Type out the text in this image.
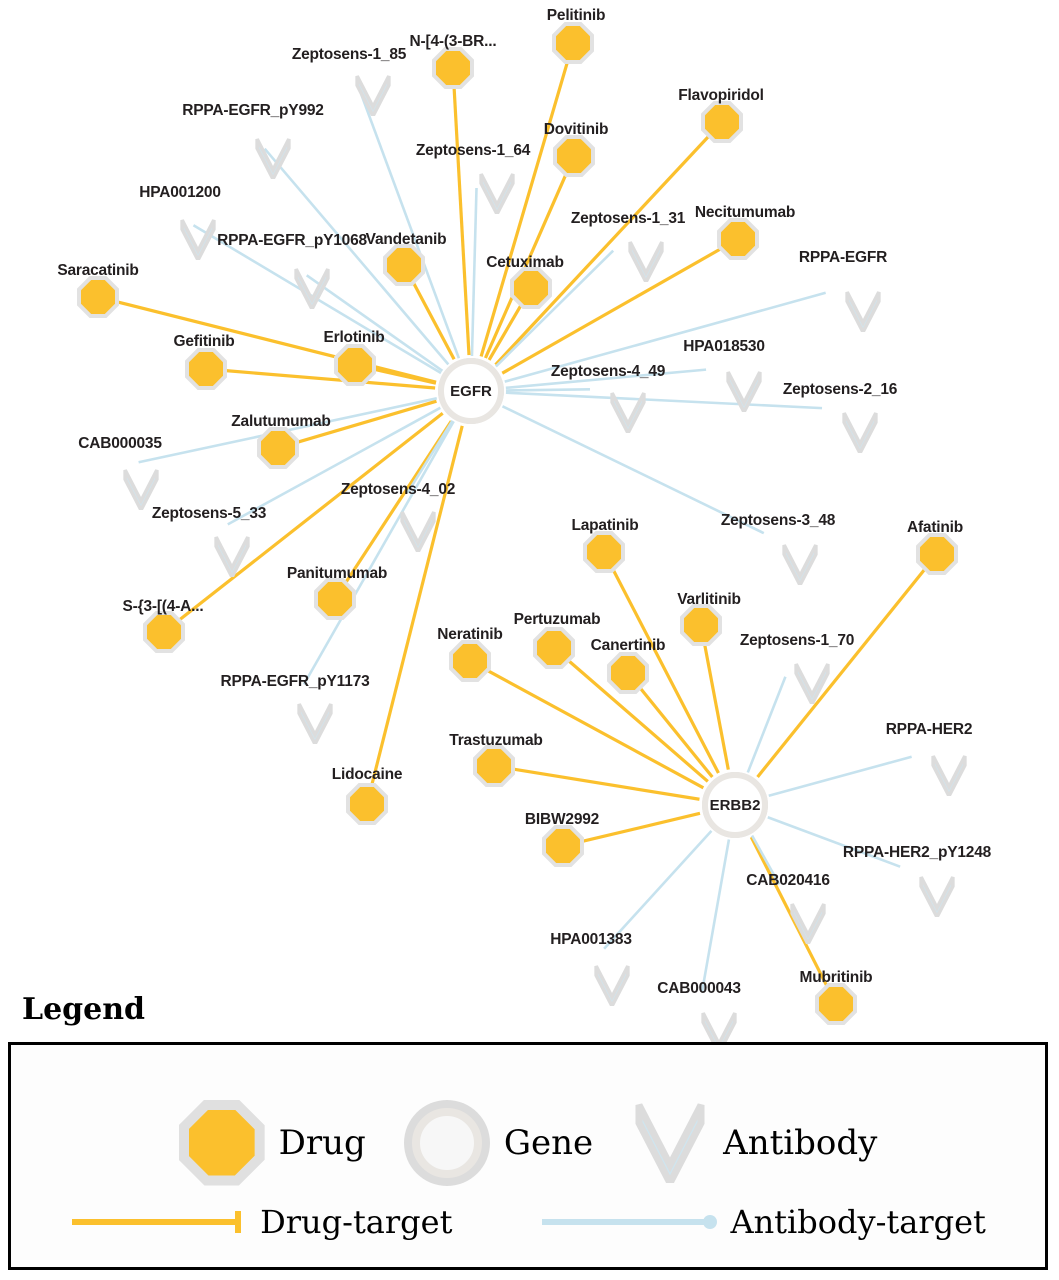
Zeptosens-1_85
RPPA-EGFR_pY992
Zeptosens-1_64
HPA001200
Zeptosens-1_31
RPPA-EGFR_pY1068
RPPA-EGFR
HPA018530
Zeptosens-4_49
Zeptosens-2_16
CAB000035
Zeptosens-4_02
Zeptosens-5_33	Zeptosens-3_48
Zeptosens-1_70
RPPA-EGFR_pY1173
RPPA-HER2
RPPA-HER2_pY1248
CAB020416
HPA001383
CAB000043
Pelitinib
N-[4-(3-BR...
Flavopiridol
Dovitinib
Necitumumab
Vandetanib
Cetuximab
Saracatinib
Gefitinib	Erlotinib
Zalutumumab
Afatinib
Lapatinib
Varlitinib
Panitumumab
S-{3-[(4-A...
Pertuzumab
Neratinib
Canertinib
Trastuzumab
Lidocaine
BIBW2992
Mubritinib
EGFR
ERBB2
Legend
Drug	Gene	Antibody
Drug-target	Antibody-target
